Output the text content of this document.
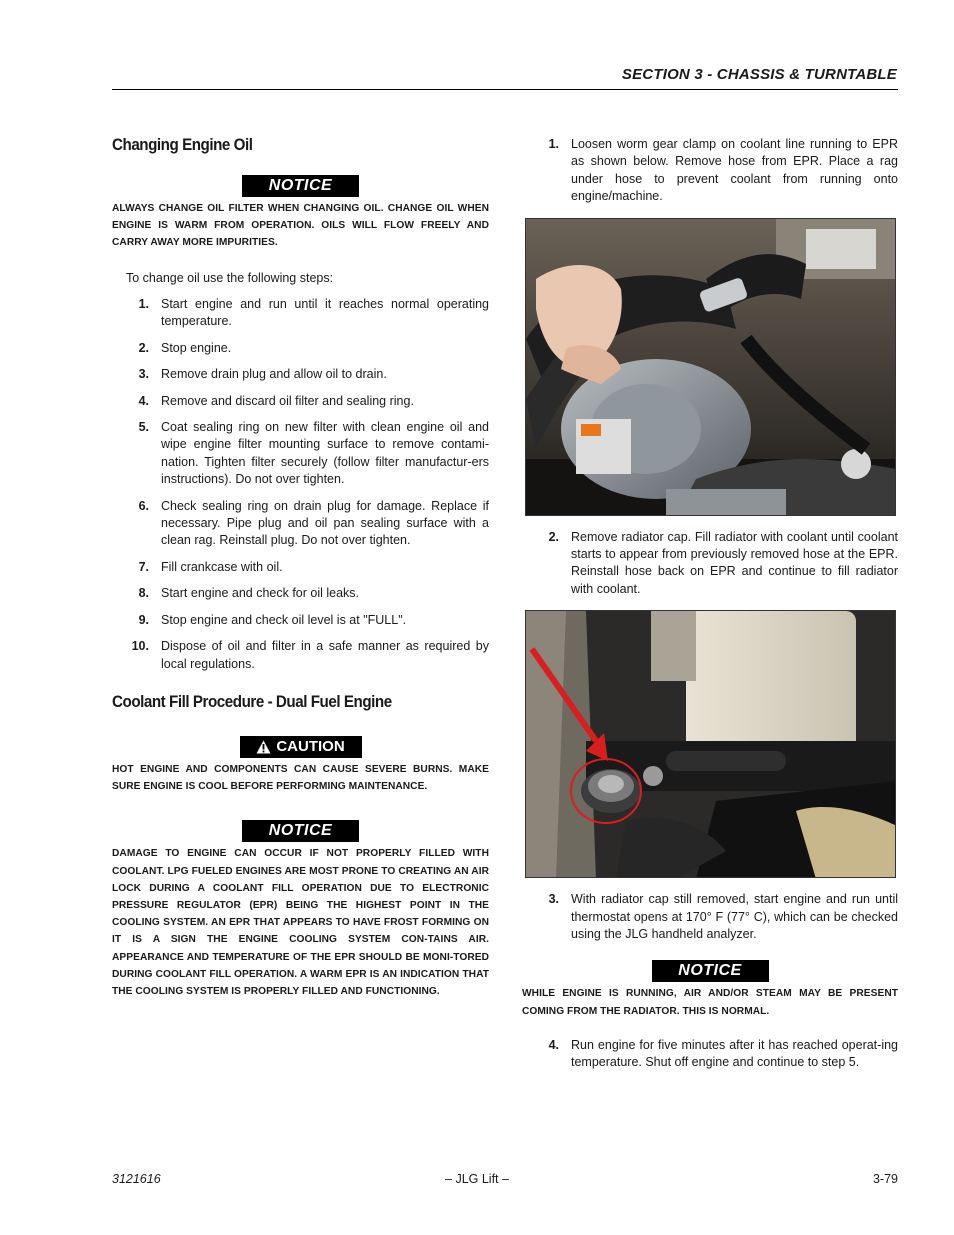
SECTION 3 - CHASSIS & TURNTABLE
Changing Engine Oil
NOTICE

ALWAYS CHANGE OIL FILTER WHEN CHANGING OIL. CHANGE OIL WHEN ENGINE IS WARM FROM OPERATION. OILS WILL FLOW FREELY AND CARRY AWAY MORE IMPURITIES.

To change oil use the following steps:

1. Start engine and run until it reaches normal operating temperature.
2. Stop engine.
3. Remove drain plug and allow oil to drain.
4. Remove and discard oil filter and sealing ring.
5. Coat sealing ring on new filter with clean engine oil and wipe engine filter mounting surface to remove contami-nation. Tighten filter securely (follow filter manufactur-ers instructions). Do not over tighten.
6. Check sealing ring on drain plug for damage. Replace if necessary. Pipe plug and oil pan sealing surface with a clean rag. Reinstall plug. Do not over tighten.
7. Fill crankcase with oil.
8. Start engine and check for oil leaks.
9. Stop engine and check oil level is at "FULL".
10. Dispose of oil and filter in a safe manner as required by local regulations.
Coolant Fill Procedure - Dual Fuel Engine
CAUTION

HOT ENGINE AND COMPONENTS CAN CAUSE SEVERE BURNS. MAKE SURE ENGINE IS COOL BEFORE PERFORMING MAINTENANCE.

NOTICE

DAMAGE TO ENGINE CAN OCCUR IF NOT PROPERLY FILLED WITH COOLANT. LPG FUELED ENGINES ARE MOST PRONE TO CREATING AN AIR LOCK DURING A COOLANT FILL OPERATION DUE TO ELECTRONIC PRESSURE REGULATOR (EPR) BEING THE HIGHEST POINT IN THE COOLING SYSTEM. AN EPR THAT APPEARS TO HAVE FROST FORMING ON IT IS A SIGN THE ENGINE COOLING SYSTEM CON-TAINS AIR. APPEARANCE AND TEMPERATURE OF THE EPR SHOULD BE MONI-TORED DURING COOLANT FILL OPERATION. A WARM EPR IS AN INDICATION THAT THE COOLING SYSTEM IS PROPERLY FILLED AND FUNCTIONING.

1. Loosen worm gear clamp on coolant line running to EPR as shown below. Remove hose from EPR. Place a rag under hose to prevent coolant from running onto engine/machine.
2. Remove radiator cap. Fill radiator with coolant until coolant starts to appear from previously removed hose at the EPR. Reinstall hose back on EPR and continue to fill radiator with coolant.
3. With radiator cap still removed, start engine and run until thermostat opens at 170° F (77° C), which can be checked using the JLG handheld analyzer.
NOTICE

WHILE ENGINE IS RUNNING, AIR AND/OR STEAM MAY BE PRESENT COMING FROM THE RADIATOR. THIS IS NORMAL.

4. Run engine for five minutes after it has reached operat-ing temperature. Shut off engine and continue to step 5.
3121616	– JLG Lift –	3-79
